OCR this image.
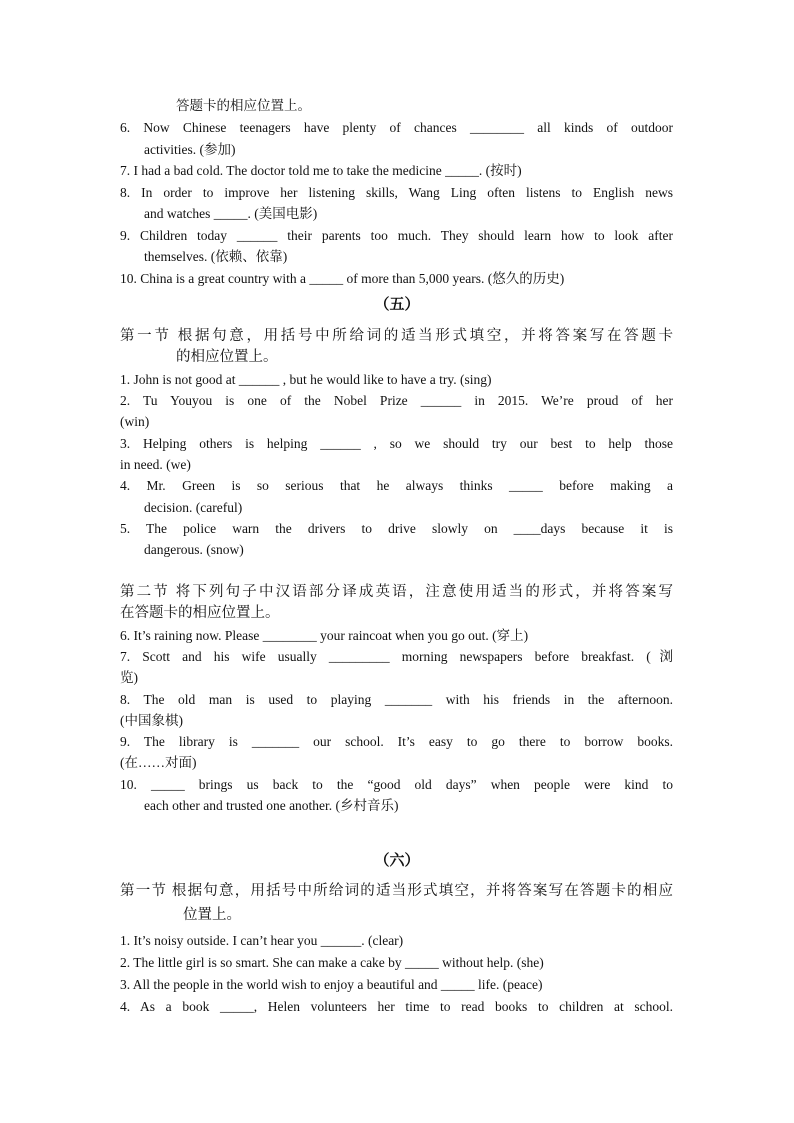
答题卡的相应位置上。
6. Now Chinese teenagers have plenty of chances ________ all kinds of outdoor
activities. (参加)
7. I had a bad cold. The doctor told me to take the medicine _____. (按时)
8. In order to improve her listening skills, Wang Ling often listens to English news
and watches _____. (美国电影)
9. Children today ______ their parents too much. They should learn how to look after
themselves. (依赖、依靠)
10. China is a great country with a _____ of more than 5,000 years. (悠久的历史)
（五）
第一节 根据句意，用括号中所给词的适当形式填空，并将答案写在答题卡
的相应位置上。
1. John is not good at ______ , but he would like to have a try. (sing)
2. Tu Youyou is one of the Nobel Prize ______ in 2015. We’re proud of her
(win)
3. Helping others is helping ______ , so we should try our best to help those
in need. (we)
4. Mr. Green is so serious that he always thinks _____ before making a
decision. (careful)
5. The police warn the drivers to drive slowly on ____days because it is
dangerous. (snow)
第二节 将下列句子中汉语部分译成英语，注意使用适当的形式，并将答案写
在答题卡的相应位置上。
6. It’s raining now. Please ________ your raincoat when you go out. (穿上)
7. Scott and his wife usually _________ morning newspapers before breakfast. (浏
览)
8. The old man is used to playing _______ with his friends in the afternoon.
(中国象棋)
9. The library is _______ our school. It’s easy to go there to borrow books.
(在……对面)
10. _____ brings us back to the “good old days” when people were kind to
each other and trusted one another. (乡村音乐)
（六）
第一节 根据句意，用括号中所给词的适当形式填空，并将答案写在答题卡的相应
位置上。
1. It’s noisy outside. I can’t hear you ______. (clear)
2. The little girl is so smart. She can make a cake by _____ without help. (she)
3. All the people in the world wish to enjoy a beautiful and _____ life. (peace)
4. As a book _____, Helen volunteers her time to read books to children at school.
